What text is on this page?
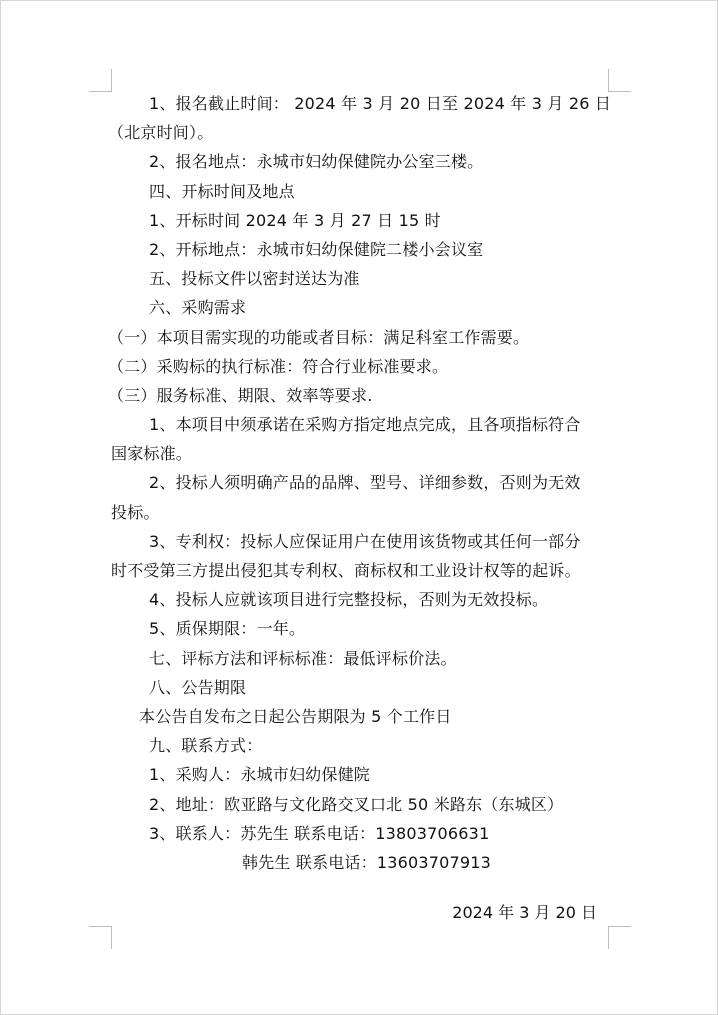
1、报名截止时间： 2024 年 3 月 20 日至 2024 年 3 月 26 日
（北京时间）。
2、报名地点：永城市妇幼保健院办公室三楼。
四、开标时间及地点
1、开标时间 2024 年 3 月 27 日 15 时
2、开标地点：永城市妇幼保健院二楼小会议室
五、投标文件以密封送达为准
六、采购需求
（一）本项目需实现的功能或者目标：满足科室工作需要。
（二）采购标的执行标准：符合行业标准要求。
（三）服务标准、期限、效率等要求.
1、本项目中须承诺在采购方指定地点完成，且各项指标符合
国家标准。
2、投标人须明确产品的品牌、型号、详细参数，否则为无效
投标。
3、专利权：投标人应保证用户在使用该货物或其任何一部分
时不受第三方提出侵犯其专利权、商标权和工业设计权等的起诉。
4、投标人应就该项目进行完整投标，否则为无效投标。
5、质保期限：一年。
七、评标方法和评标标准：最低评标价法。
八、公告期限
本公告自发布之日起公告期限为 5 个工作日
九、联系方式：
1、采购人：永城市妇幼保健院
2、地址：欧亚路与文化路交叉口北 50 米路东（东城区）
3、联系人：苏先生 联系电话：13803706631
韩先生 联系电话：13603707913
2024 年 3 月 20 日
